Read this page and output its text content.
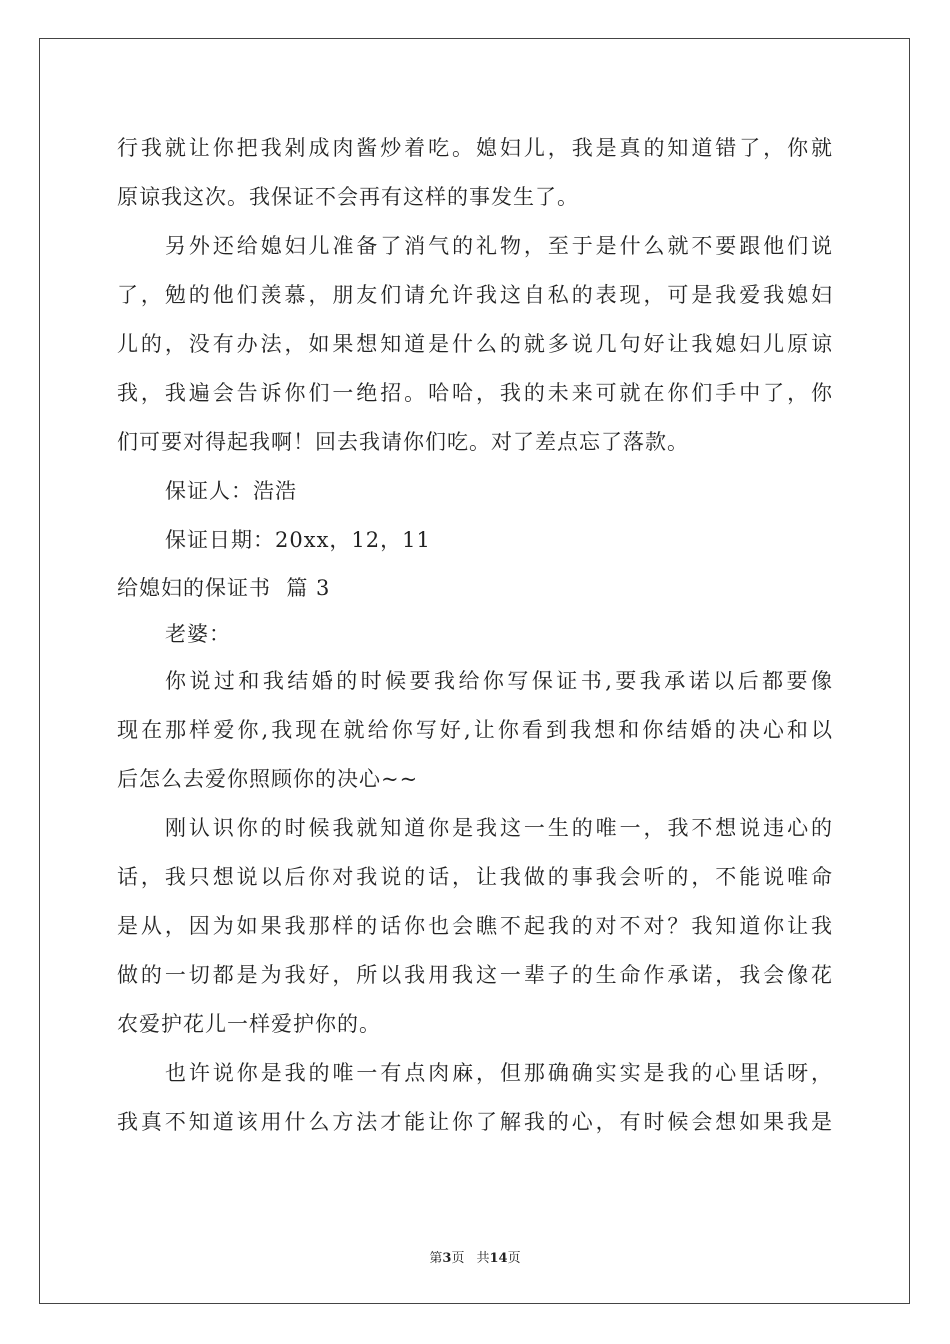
行我就让你把我剁成肉酱炒着吃。媳妇儿，我是真的知道错了，你就
原谅我这次。我保证不会再有这样的事发生了。
另外还给媳妇儿准备了消气的礼物，至于是什么就不要跟他们说
了，勉的他们羡慕，朋友们请允许我这自私的表现，可是我爱我媳妇
儿的，没有办法，如果想知道是什么的就多说几句好让我媳妇儿原谅
我，我遍会告诉你们一绝招。哈哈，我的未来可就在你们手中了，你
们可要对得起我啊！回去我请你们吃。对了差点忘了落款。
保证人：浩浩
保证日期：20xx，12，11
给媳妇的保证书  篇 3
老婆：
你说过和我结婚的时候要我给你写保证书,要我承诺以后都要像
现在那样爱你,我现在就给你写好,让你看到我想和你结婚的决心和以
后怎么去爱你照顾你的决心~~
刚认识你的时候我就知道你是我这一生的唯一，我不想说违心的
话，我只想说以后你对我说的话，让我做的事我会听的，不能说唯命
是从，因为如果我那样的话你也会瞧不起我的对不对？我知道你让我
做的一切都是为我好，所以我用我这一辈子的生命作承诺，我会像花
农爱护花儿一样爱护你的。
也许说你是我的唯一有点肉麻，但那确确实实是我的心里话呀，
我真不知道该用什么方法才能让你了解我的心，有时候会想如果我是
第3页 共14页
